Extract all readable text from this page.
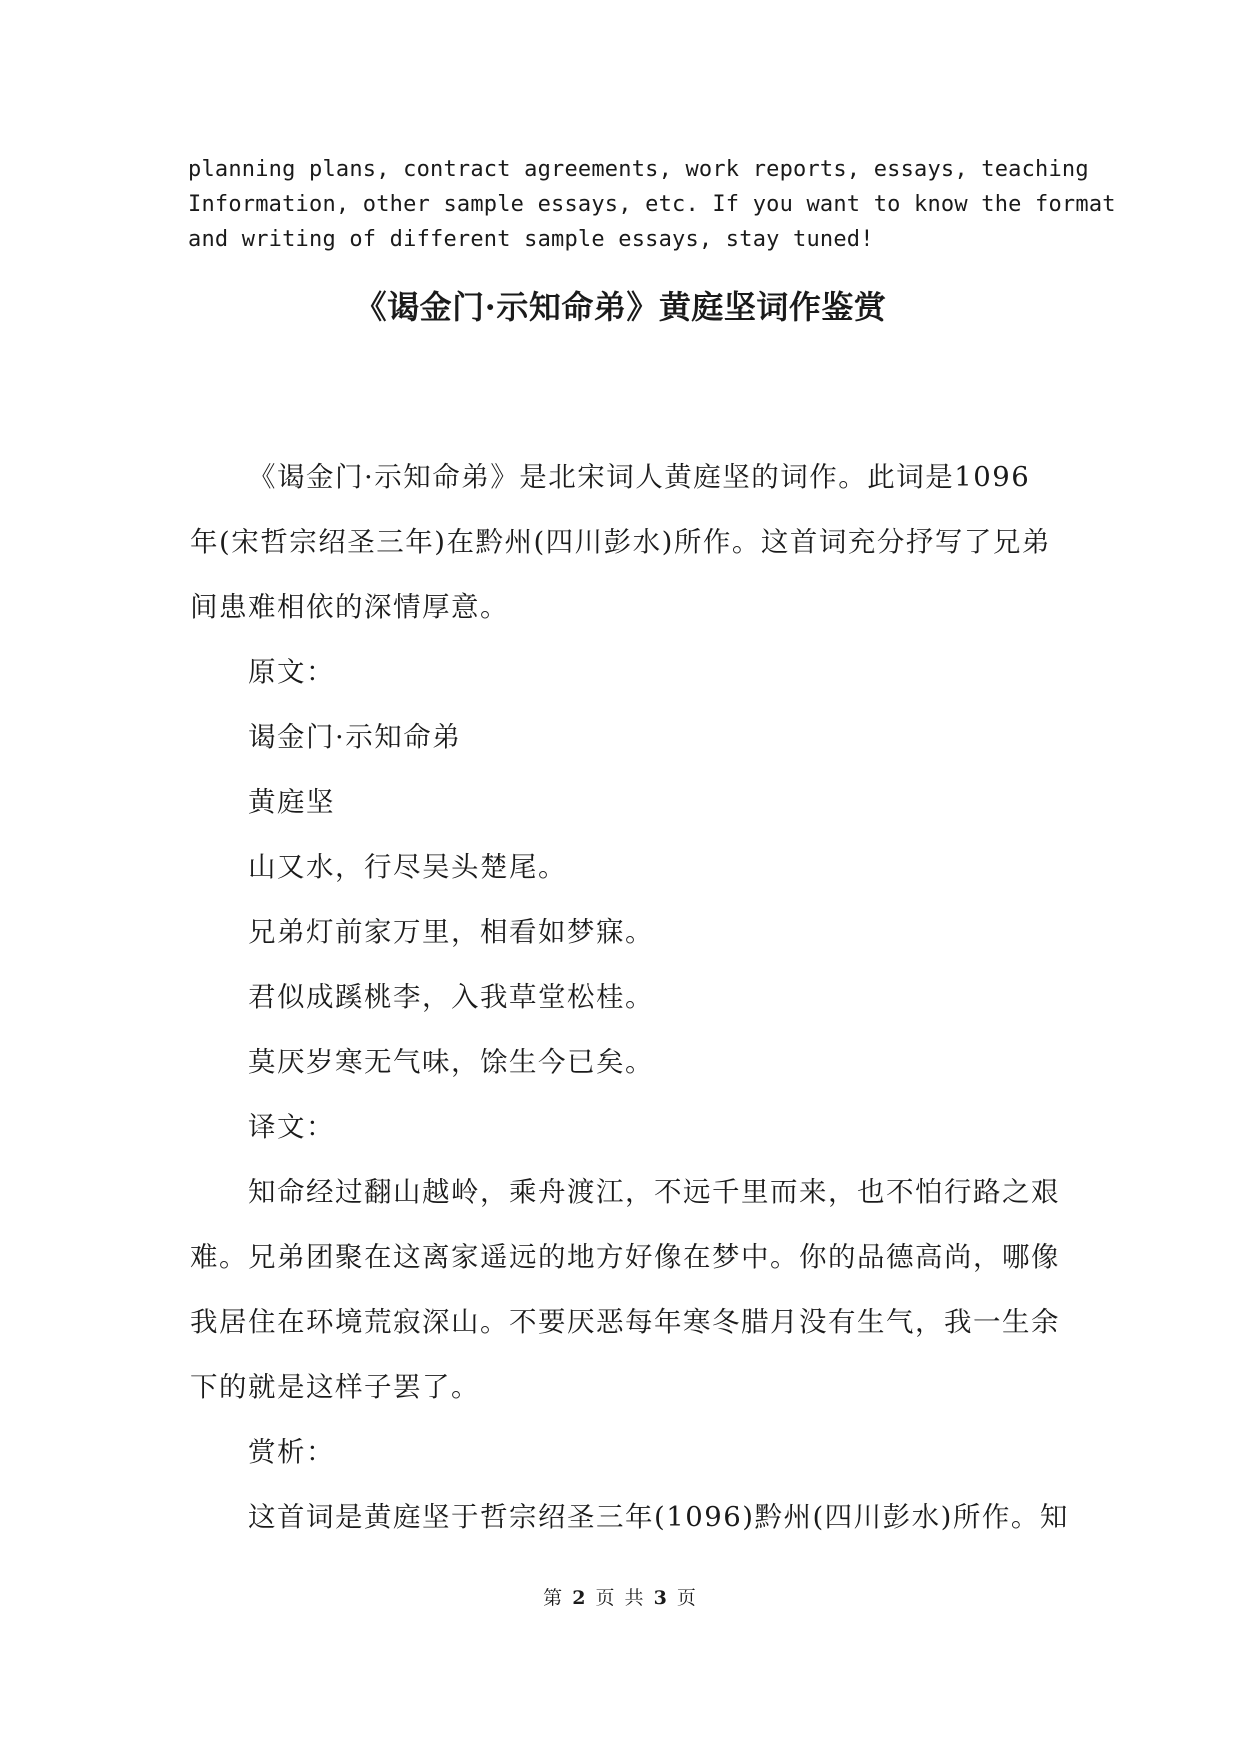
planning plans, contract agreements, work reports, essays, teaching
Information, other sample essays, etc. If you want to know the format
and writing of different sample essays, stay tuned!
《谒金门·示知命弟》黄庭坚词作鉴赏
《谒金门·示知命弟》是北宋词人黄庭坚的词作。此词是1096
年(宋哲宗绍圣三年)在黔州(四川彭水)所作。这首词充分抒写了兄弟
间患难相依的深情厚意。
原文：
谒金门·示知命弟
黄庭坚
山又水，行尽吴头楚尾。
兄弟灯前家万里，相看如梦寐。
君似成蹊桃李，入我草堂松桂。
莫厌岁寒无气味，馀生今已矣。
译文：
知命经过翻山越岭，乘舟渡江，不远千里而来，也不怕行路之艰
难。兄弟团聚在这离家遥远的地方好像在梦中。你的品德高尚，哪像
我居住在环境荒寂深山。不要厌恶每年寒冬腊月没有生气，我一生余
下的就是这样子罢了。
赏析：
这首词是黄庭坚于哲宗绍圣三年(1096)黔州(四川彭水)所作。知
第 2 页 共 3 页
